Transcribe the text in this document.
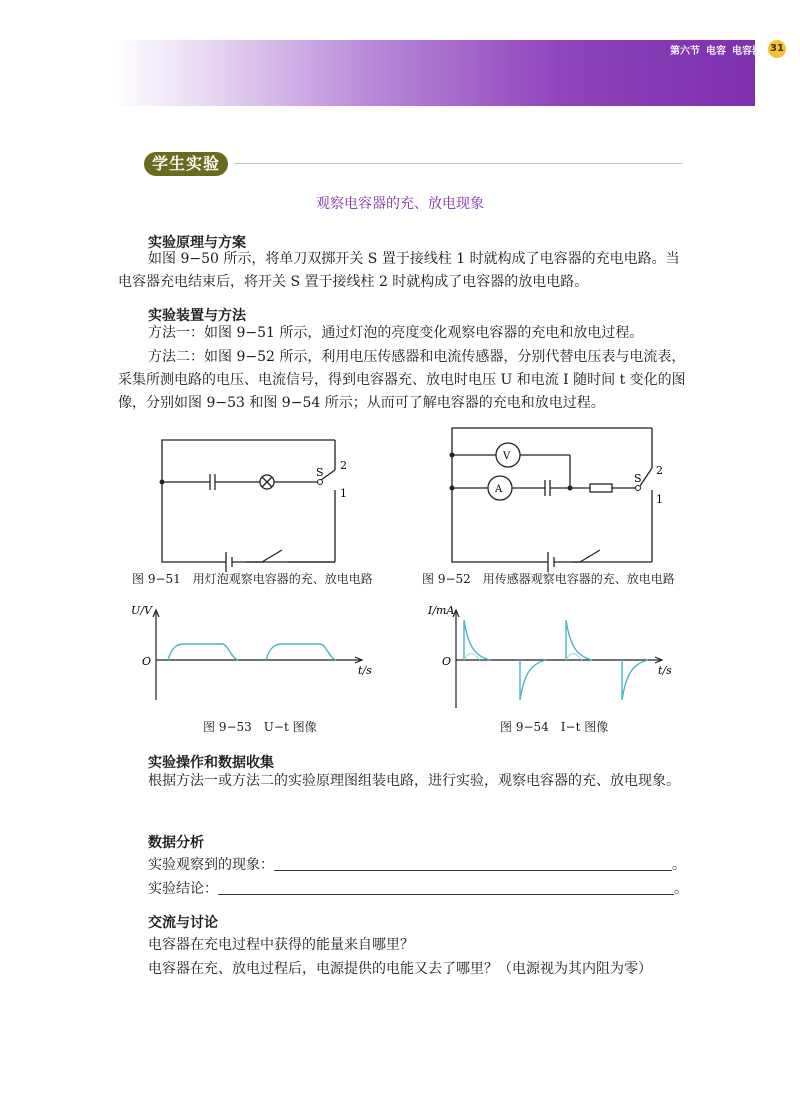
第六节 电容 电容器 31
学生实验
观察电容器的充、放电现象
实验原理与方案
如图 9−50 所示，将单刀双掷开关 S 置于接线柱 1 时就构成了电容器的充电电路。当电容器充电结束后，将开关 S 置于接线柱 2 时就构成了电容器的放电电路。
实验装置与方法
方法一：如图 9−51 所示，通过灯泡的亮度变化观察电容器的充电和放电过程。
方法二：如图 9−52 所示，利用电压传感器和电流传感器，分别代替电压表与电流表，采集所测电路的电压、电流信号，得到电容器充、放电时电压 U 和电流 I 随时间 t 变化的图像，分别如图 9−53 和图 9−54 所示；从而可了解电容器的充电和放电过程。
S
2
1
图 9−51　用灯泡观察电容器的充、放电电路
V
A
S
2
1
图 9−52　用传感器观察电容器的充、放电电路
U/V
O
t/s
图 9−53　U−t 图像
I/mA
O
t/s
图 9−54　I−t 图像
实验操作和数据收集
根据方法一或方法二的实验原理图组装电路，进行实验，观察电容器的充、放电现象。
数据分析
实验观察到的现象：	。
实验结论：	。
交流与讨论
电容器在充电过程中获得的能量来自哪里？
电容器在充、放电过程后，电源提供的电能又去了哪里？（电源视为其内阻为零）
